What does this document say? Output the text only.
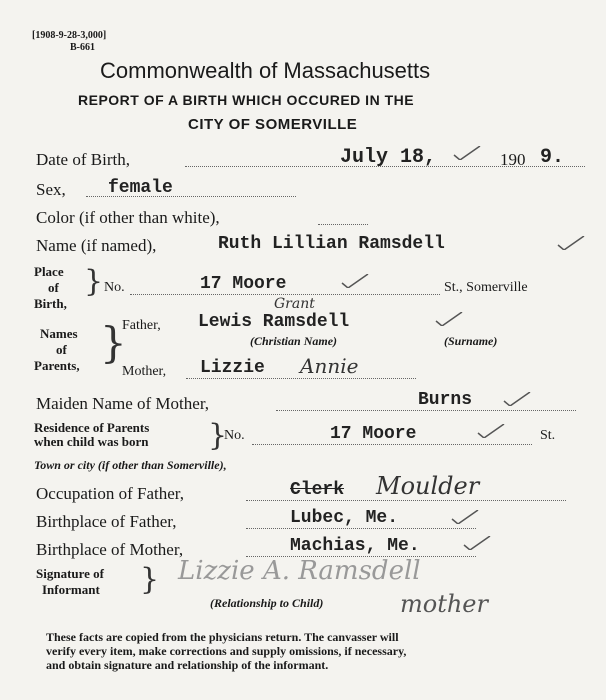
[1908-9-28-3,000]
B-661
Commonwealth of Massachusetts
REPORT OF A BIRTH WHICH OCCURED IN THE
CITY OF SOMERVILLE
Date of Birth,	July 18,	190 9.
Sex, female
Color (if other than white),
Name (if named),	Ruth Lillian Ramsdell
Place
of
Birth,
} No.	17 Moore	St., Somerville
Names
of
Parents, }
Father,
Grant
Lewis Ramsdell
(Christian Name)	(Surname)
Mother, Lizzie Annie
Maiden Name of Mother,	Burns
Residence of Parents
when child was born }
No.	17 Moore	St.
Town or city (if other than Somerville),
Occupation of Father,	Clerk Moulder
Birthplace of Father,	Lubec, Me.
Birthplace of Mother,	Machias, Me.
Signature of
Informant } Lizzie A. Ramsdell
(Relationship to Child)	mother
These facts are copied from the physicians return. The canvasser will
verify every item, make corrections and supply omissions, if necessary,
and obtain signature and relationship of the informant.
